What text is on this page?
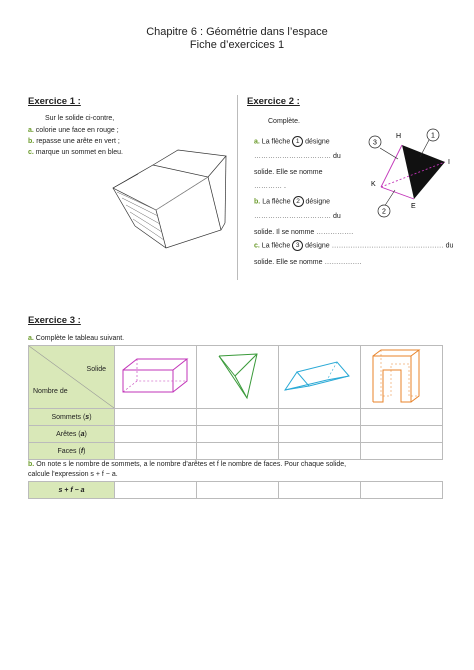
Chapitre 6 : Géométrie dans l’espace
Fiche d’exercices 1
Exercice 1 :
Sur le solide ci-contre,
a. colorie une face en rouge ;
b. repasse une arête en vert ;
c. marque un sommet en bleu.
Exercice 2 :
Complète.
a. La flèche 1 désigne
…………………………… du
solide. Elle se nomme
………… .
b. La flèche 2 désigne
…………………………… du
solide. Il se nomme …………….
c. La flèche 3 désigne ………………………………………… du
solide. Elle se nomme …………….
3
1
2
H
I
K
E
Exercice 3 :
a. Complète le tableau suivant.
Solide
Nombre de

Sommets (s)				
Arêtes (a)				
Faces (f)				
b. On note s le nombre de sommets, a le nombre d'arêtes et f le nombre de faces. Pour chaque solide,
calcule l'expression s + f − a.
s + f − a				
